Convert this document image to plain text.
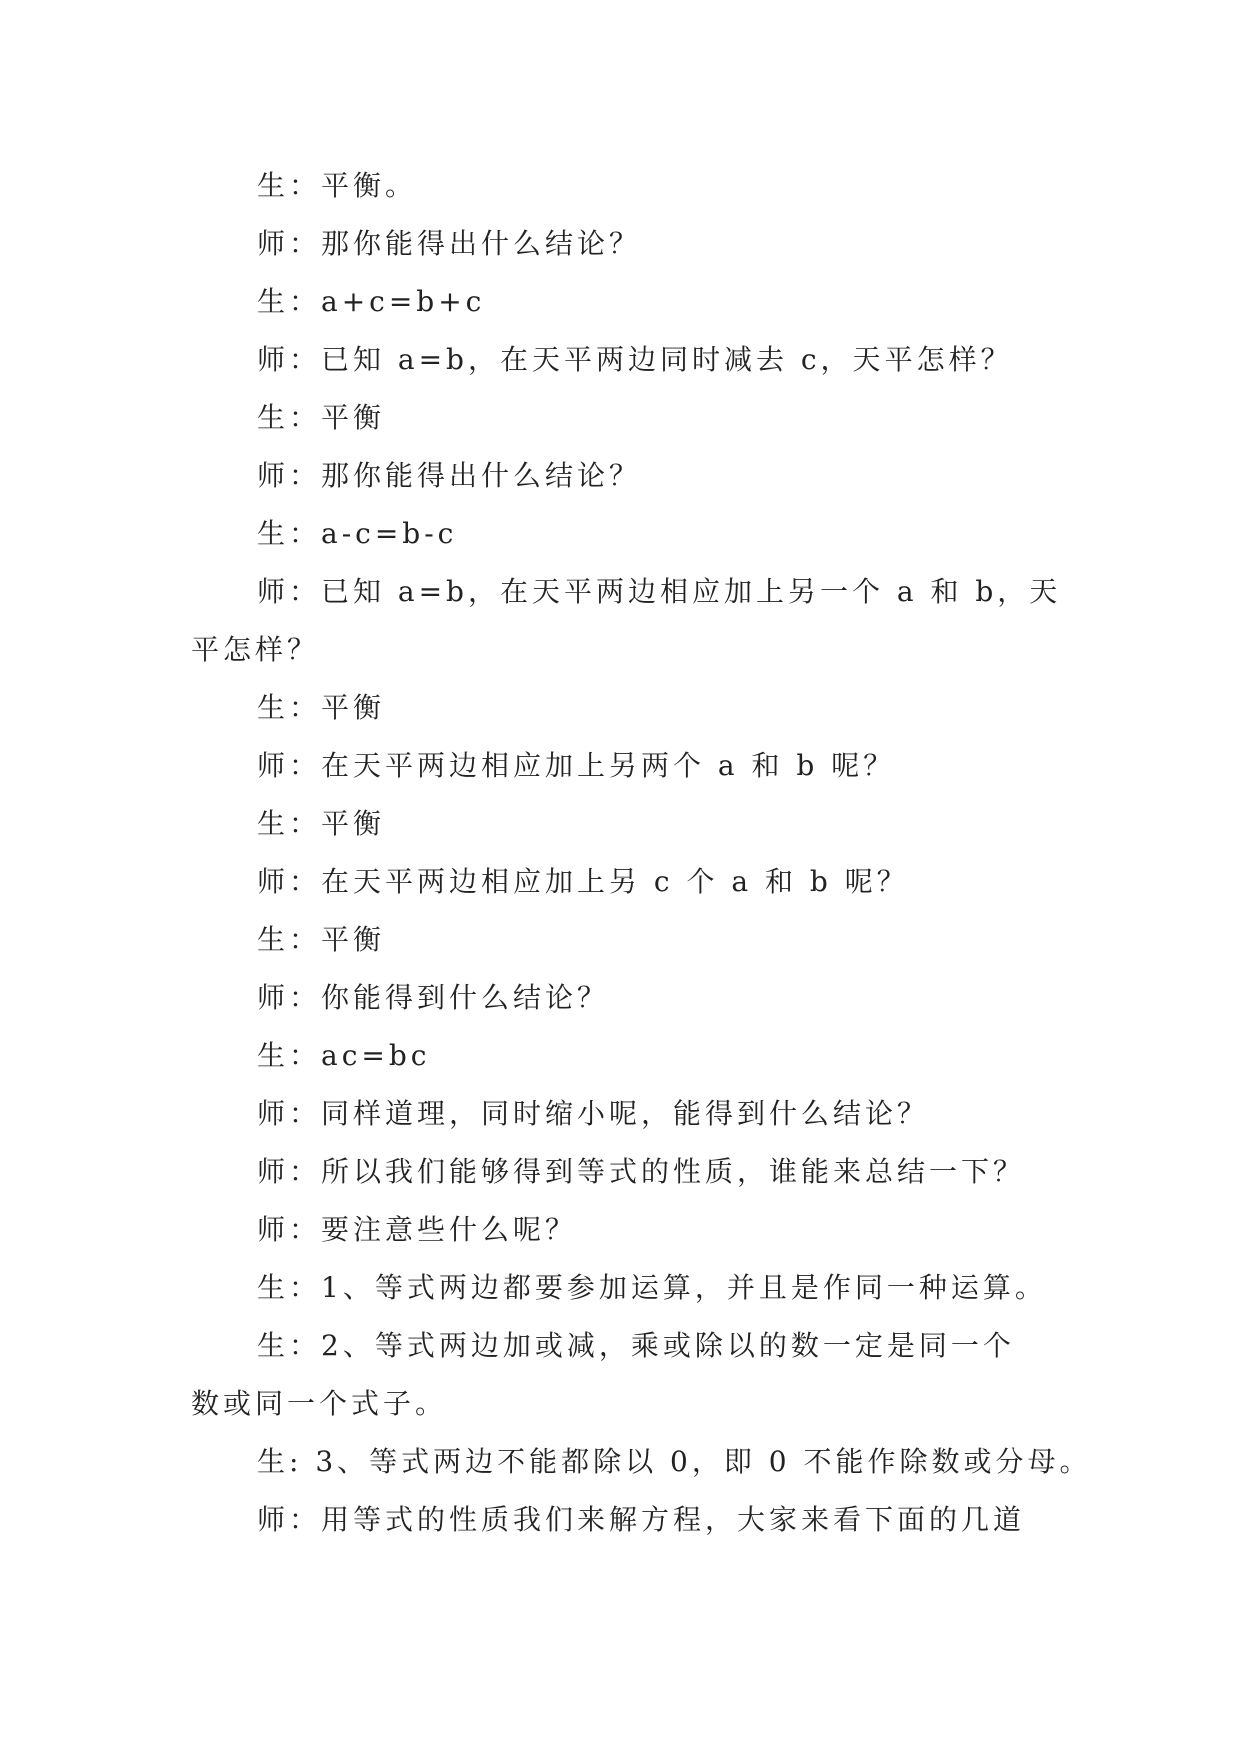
生：平衡。
师：那你能得出什么结论？
生：a+c=b+c
师：已知 a=b，在天平两边同时减去 c，天平怎样？
生：平衡
师：那你能得出什么结论？
生：a-c=b-c
师：已知 a=b，在天平两边相应加上另一个 a 和 b，天
平怎样？
生：平衡
师：在天平两边相应加上另两个 a 和 b 呢？
生：平衡
师：在天平两边相应加上另 c 个 a 和 b 呢？
生：平衡
师：你能得到什么结论？
生：ac=bc
师：同样道理，同时缩小呢，能得到什么结论？
师：所以我们能够得到等式的性质，谁能来总结一下？
师：要注意些什么呢？
生：1、等式两边都要参加运算，并且是作同一种运算。
生：2、等式两边加或减，乘或除以的数一定是同一个
数或同一个式子。
生: 3、等式两边不能都除以 0，即 0 不能作除数或分母。
师：用等式的性质我们来解方程，大家来看下面的几道
